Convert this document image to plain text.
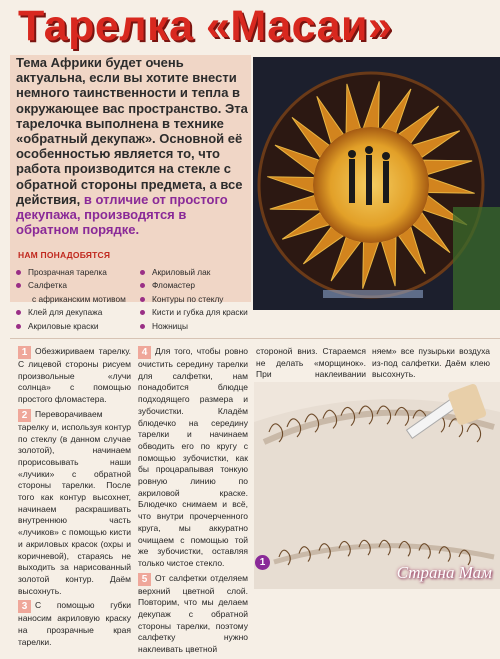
Тарелка «Масаи»
Тема Африки будет очень актуальна, если вы хотите внести немного таинственности и тепла в окружающее вас пространство. Эта тарелочка выполнена в технике «обратный декупаж». Основной её особенностью является то, что работа производится на стекле с обратной стороны предмета, а все действия, в отличие от простого декупажа, производятся в обратном порядке.
НАМ ПОНАДОБЯТСЯ
Прозрачная тарелка
Салфетка
с африканским мотивом
Клей для декупажа
Акриловые краски
Акриловый лак
Фломастер
Контуры по стеклу
Кисти и губка для краски
Ножницы

1 Обезжириваем тарелку. С лицевой стороны рисуем произвольные «лучи солнца» с помощью простого фломастера.

2 Переворачиваем тарелку и, используя контур по стеклу (в данном случае золотой), начинаем прорисовывать наши «лучики» с обратной стороны тарелки. После того как контур высохнет, начинаем раскрашивать внутреннюю часть «лучиков» с помощью кисти и акриловых красок (охры и коричневой), стараясь не выходить за нарисованный золотой контур. Даём высохнуть.

3 С помощью губки наносим акриловую краску на прозрачные края тарелки.

4 Для того, чтобы ровно очистить середину тарелки для салфетки, нам понадобится блюдце подходящего размера и зубочистки. Кладём блюдечко на середину тарелки и начинаем обводить его по кругу с помощью зубочистки, как бы процарапывая тонкую ровную линию по акриловой краске. Блюдечко снимаем и всё, что внутри прочерченного круга, мы аккуратно очищаем с помощью той же зубочистки, оставляя только чистое стекло.

5 От салфетки отделяем верхний цветной слой. Повторим, что мы делаем декупаж с обратной стороны тарелки, поэтому салфетку нужно наклеивать цветной

стороной вниз. Стараемся не делать «морщинок». При наклеивании

няем» все пузырьки воздуха из-под салфетки. Даём клею высохнуть.

1
Страна Мам
